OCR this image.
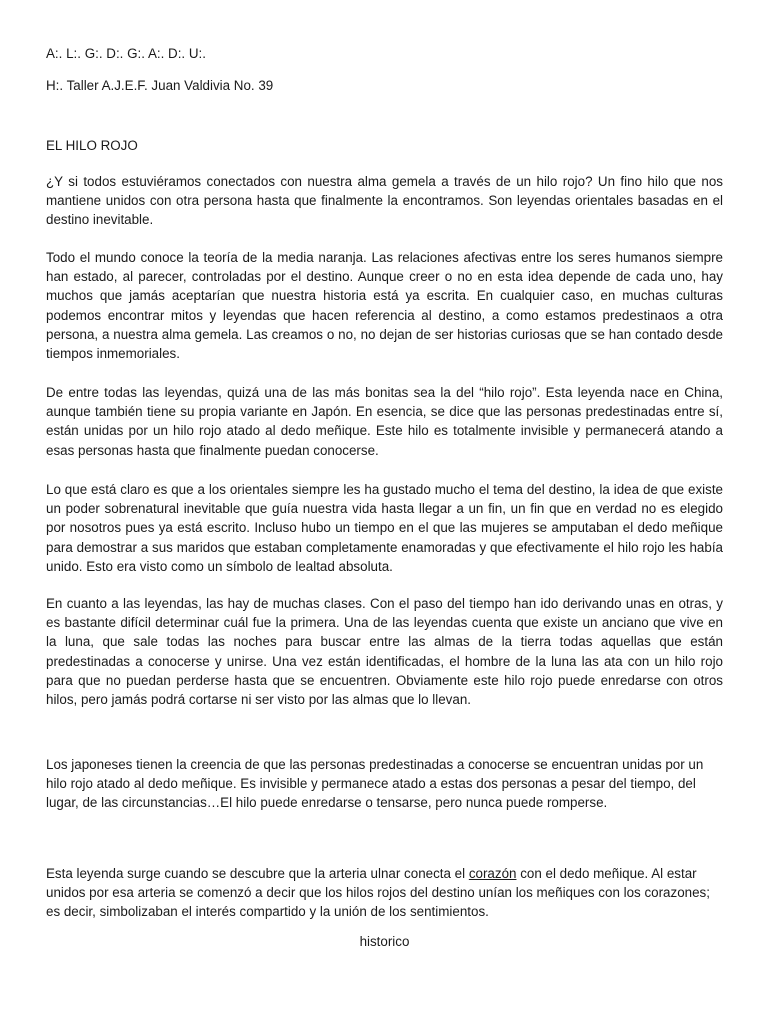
A:. L:. G:. D:. G:. A:. D:. U:.
H:. Taller A.J.E.F. Juan Valdivia No. 39
EL HILO ROJO

¿Y si todos estuviéramos conectados con nuestra alma gemela a través de un hilo rojo? Un fino hilo que nos mantiene unidos con otra persona hasta que finalmente la encontramos. Son leyendas orientales basadas en el destino inevitable.

Todo el mundo conoce la teoría de la media naranja. Las relaciones afectivas entre los seres humanos siempre han estado, al parecer, controladas por el destino. Aunque creer o no en esta idea depende de cada uno, hay muchos que jamás aceptarían que nuestra historia está ya escrita. En cualquier caso, en muchas culturas podemos encontrar mitos y leyendas que hacen referencia al destino, a como estamos predestinaos a otra persona, a nuestra alma gemela. Las creamos o no, no dejan de ser historias curiosas que se han contado desde tiempos inmemoriales.

De entre todas las leyendas, quizá una de las más bonitas sea la del “hilo rojo”. Esta leyenda nace en China, aunque también tiene su propia variante en Japón. En esencia, se dice que las personas predestinadas entre sí, están unidas por un hilo rojo atado al dedo meñique. Este hilo es totalmente invisible y permanecerá atando a esas personas hasta que finalmente puedan conocerse.

Lo que está claro es que a los orientales siempre les ha gustado mucho el tema del destino, la idea de que existe un poder sobrenatural inevitable que guía nuestra vida hasta llegar a un fin, un fin que en verdad no es elegido por nosotros pues ya está escrito. Incluso hubo un tiempo en el que las mujeres se amputaban el dedo meñique para demostrar a sus maridos que estaban completamente enamoradas y que efectivamente el hilo rojo les había unido. Esto era visto como un símbolo de lealtad absoluta.

En cuanto a las leyendas, las hay de muchas clases. Con el paso del tiempo han ido derivando unas en otras, y es bastante difícil determinar cuál fue la primera. Una de las leyendas cuenta que existe un anciano que vive en la luna, que sale todas las noches para buscar entre las almas de la tierra todas aquellas que están predestinadas a conocerse y unirse. Una vez están identificadas, el hombre de la luna las ata con un hilo rojo para que no puedan perderse hasta que se encuentren. Obviamente este hilo rojo puede enredarse con otros hilos, pero jamás podrá cortarse ni ser visto por las almas que lo llevan.

Los japoneses tienen la creencia de que las personas predestinadas a conocerse se encuentran unidas por un hilo rojo atado al dedo meñique. Es invisible y permanece atado a estas dos personas a pesar del tiempo, del lugar, de las circunstancias…El hilo puede enredarse o tensarse, pero nunca puede romperse.

Esta leyenda surge cuando se descubre que la arteria ulnar conecta el corazón con el dedo meñique. Al estar unidos por esa arteria se comenzó a decir que los hilos rojos del destino unían los meñiques con los corazones; es decir, simbolizaban el interés compartido y la unión de los sentimientos.

historico
